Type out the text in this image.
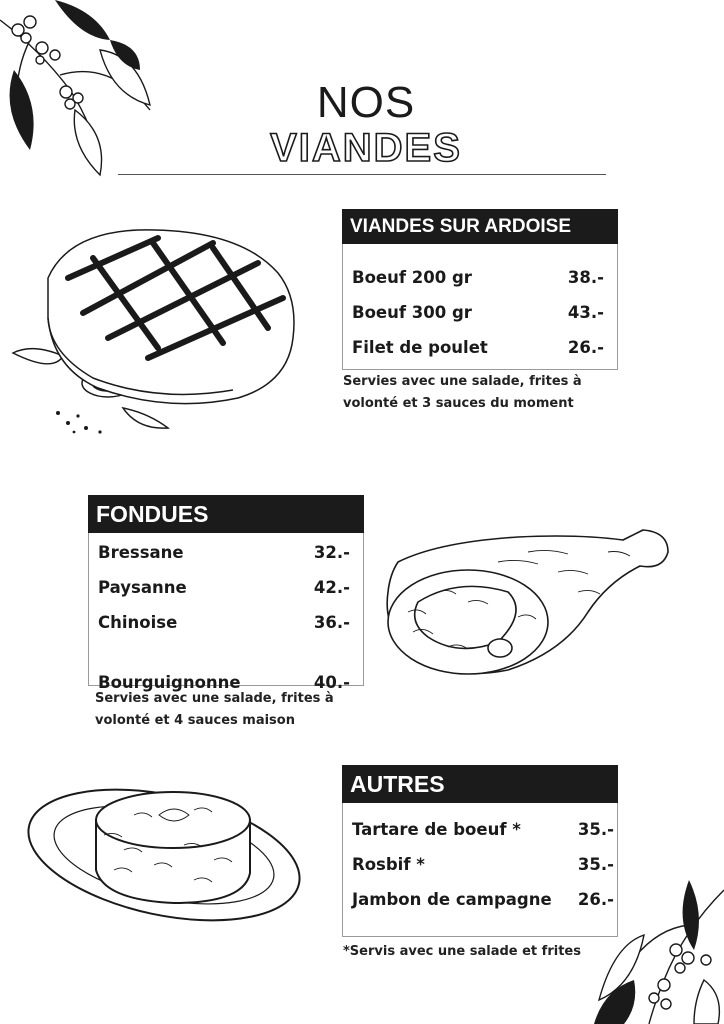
NOS
VIANDES
VIANDES SUR ARDOISE
Boeuf 200 gr	38.-
Boeuf 300 gr	43.-
Filet de poulet	26.-
Servies avec une salade, frites à
volonté et 3 sauces du moment
FONDUES
Bressane	32.-
Paysanne	42.-
Chinoise	36.-
Bourguignonne	40.-
Servies avec une salade, frites à
volonté et 4 sauces maison
AUTRES
Tartare de boeuf *	35.-
Rosbif *	35.-
Jambon de campagne 26.-
*Servis avec une salade et frites
